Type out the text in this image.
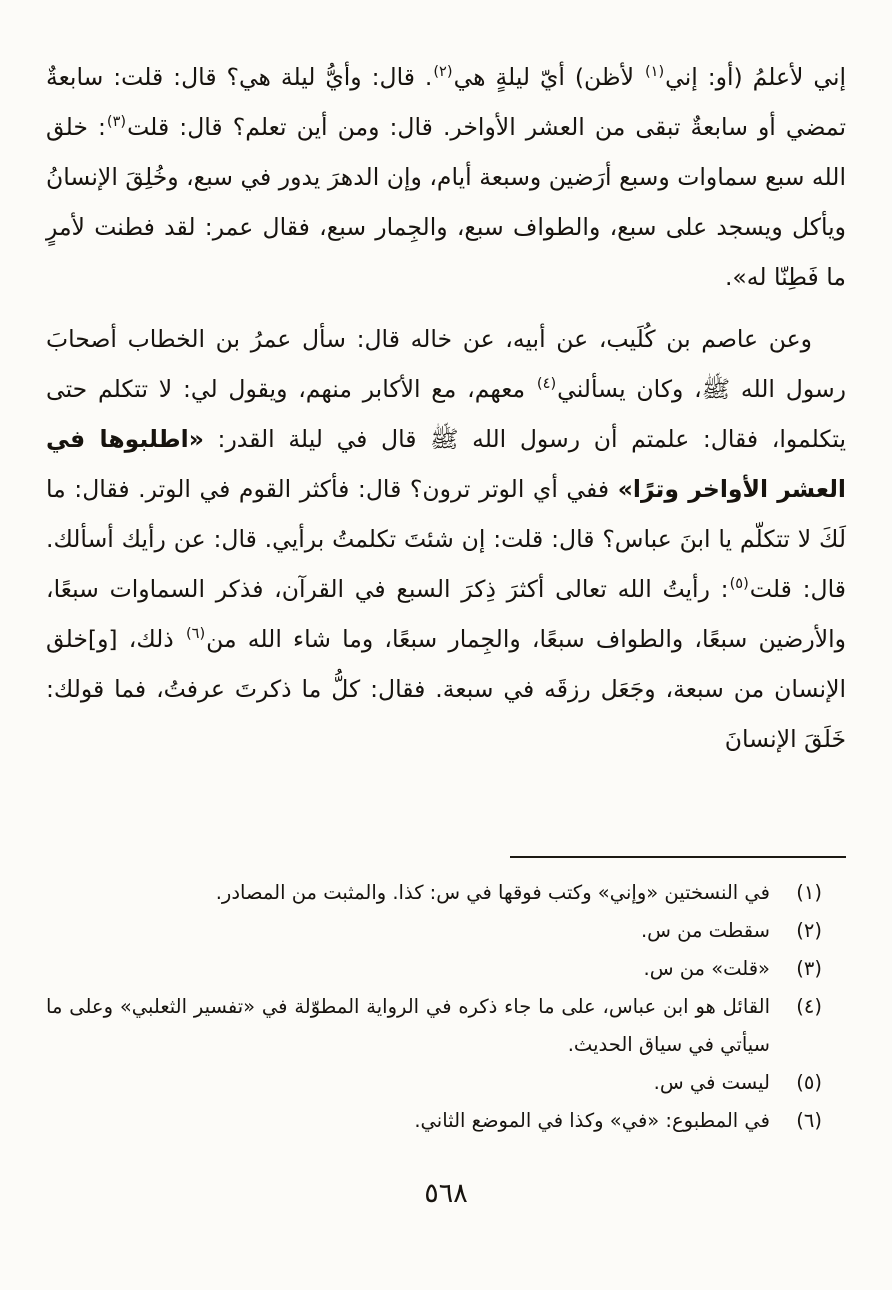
إني لأعلمُ (أو: إني$^{(١)}$ لأظن) أيّ ليلةٍ هي$^{(٢)}$. قال: وأيُّ ليلة هي؟ قال: قلت: سابعةٌ تمضي أو سابعةٌ تبقى من العشر الأواخر. قال: ومن أين تعلم؟ قال: قلت$^{(٣)}$: خلق الله سبع سماوات وسبع أرَضين وسبعة أيام، وإن الدهرَ يدور في سبع، وخُلِقَ الإنسانُ ويأكل ويسجد على سبع، والطواف سبع، والجِمار سبع، فقال عمر: لقد فطنت لأمرٍ ما فَطِنّا له».

وعن عاصم بن كُلَيب، عن أبيه، عن خاله قال: سأل عمرُ بن الخطاب أصحابَ رسول الله ﷺ، وكان يسألني$^{(٤)}$ معهم، مع الأكابر منهم، ويقول لي: لا تتكلم حتى يتكلموا، فقال: علمتم أن رسول الله ﷺ قال في ليلة القدر: «اطلبوها في العشر الأواخر وترًا» ففي أي الوتر ترون؟ قال: فأكثر القوم في الوتر. فقال: ما لَكَ لا تتكلّم يا ابنَ عباس؟ قال: قلت: إن شئتَ تكلمتُ برأيي. قال: عن رأيك أسألك. قال: قلت$^{(٥)}$: رأيتُ الله تعالى أكثرَ ذِكرَ السبع في القرآن، فذكر السماوات سبعًا، والأرضين سبعًا، والطواف سبعًا، والجِمار سبعًا، وما شاء الله من$^{(٦)}$ ذلك، [و]خلق الإنسان من سبعة، وجَعَل رزقَه في سبعة. فقال: كلُّ ما ذكرتَ عرفتُ، فما قولك: خَلَقَ الإنسانَ

(١)
في النسختين «وإني» وكتب فوقها في س: كذا. والمثبت من المصادر.
(٢)
سقطت من س.
(٣)
«قلت» من س.
(٤)
القائل هو ابن عباس، على ما جاء ذكره في الرواية المطوّلة في «تفسير الثعلبي» وعلى ما سيأتي في سياق الحديث.
(٥)
ليست في س.
(٦)
في المطبوع: «في» وكذا في الموضع الثاني.
٥٦٨
